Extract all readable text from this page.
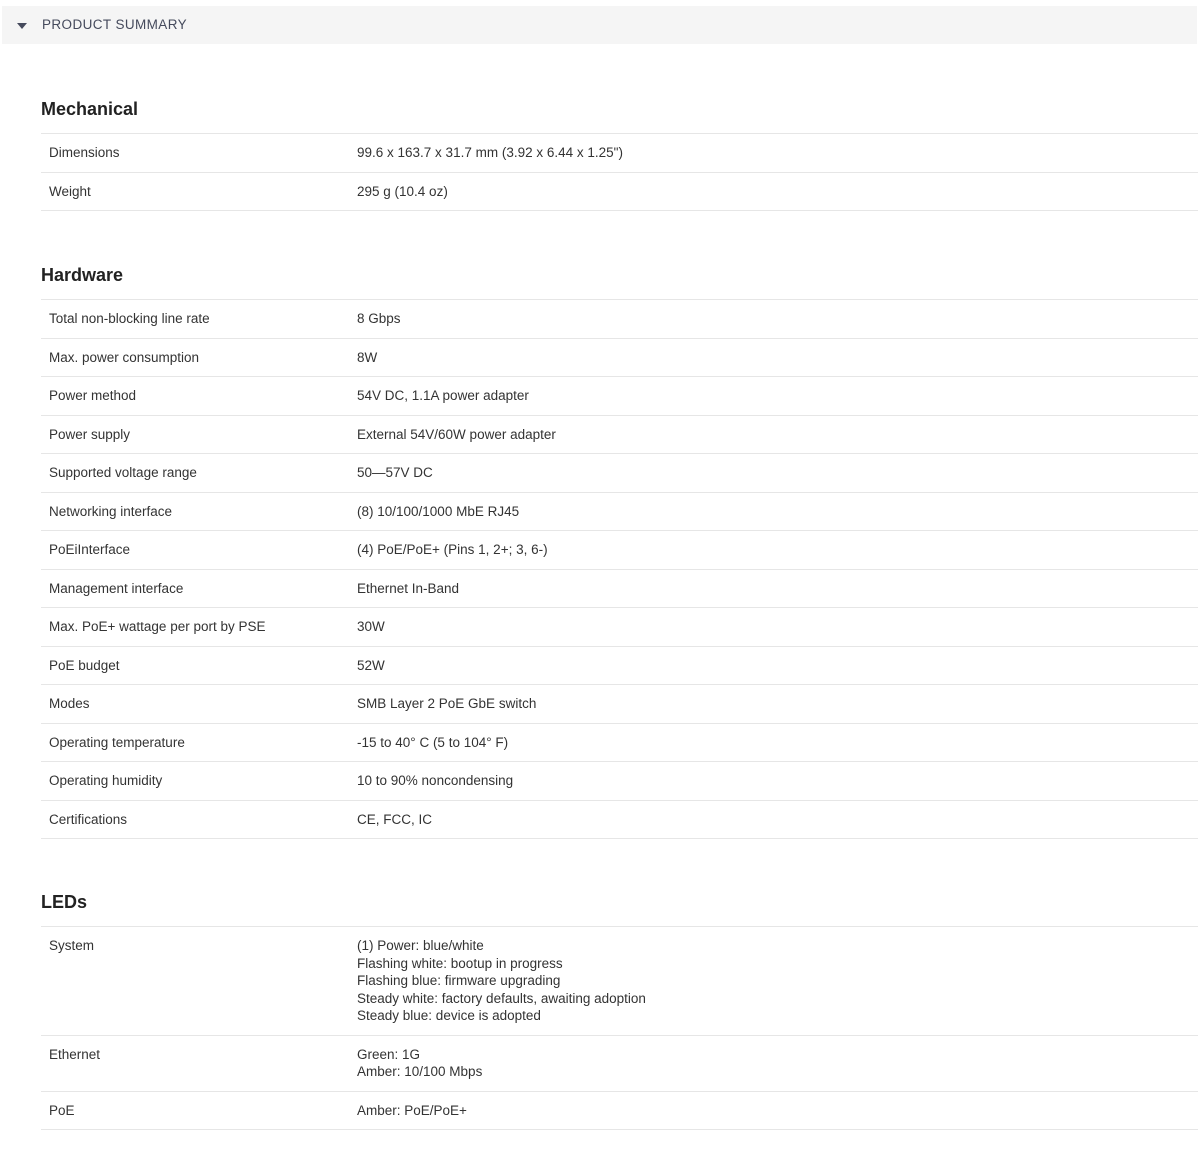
PRODUCT SUMMARY
Mechanical
Dimensions	99.6 x 163.7 x 31.7 mm (3.92 x 6.44 x 1.25")
Weight	295 g (10.4 oz)
Hardware
Total non-blocking line rate	8 Gbps
Max. power consumption	8W
Power method	54V DC, 1.1A power adapter
Power supply	External 54V/60W power adapter
Supported voltage range	50—57V DC
Networking interface	(8) 10/100/1000 MbE RJ45
PoEiInterface	(4) PoE/PoE+ (Pins 1, 2+; 3, 6-)
Management interface	Ethernet In-Band
Max. PoE+ wattage per port by PSE	30W
PoE budget	52W
Modes	SMB Layer 2 PoE GbE switch
Operating temperature	-15 to 40° C (5 to 104° F)
Operating humidity	10 to 90% noncondensing
Certifications	CE, FCC, IC
LEDs
System	(1) Power: blue/white
Flashing white: bootup in progress
Flashing blue: firmware upgrading
Steady white: factory defaults, awaiting adoption
Steady blue: device is adopted

Ethernet	Green: 1G
Amber: 10/100 Mbps

PoE	Amber: PoE/PoE+
